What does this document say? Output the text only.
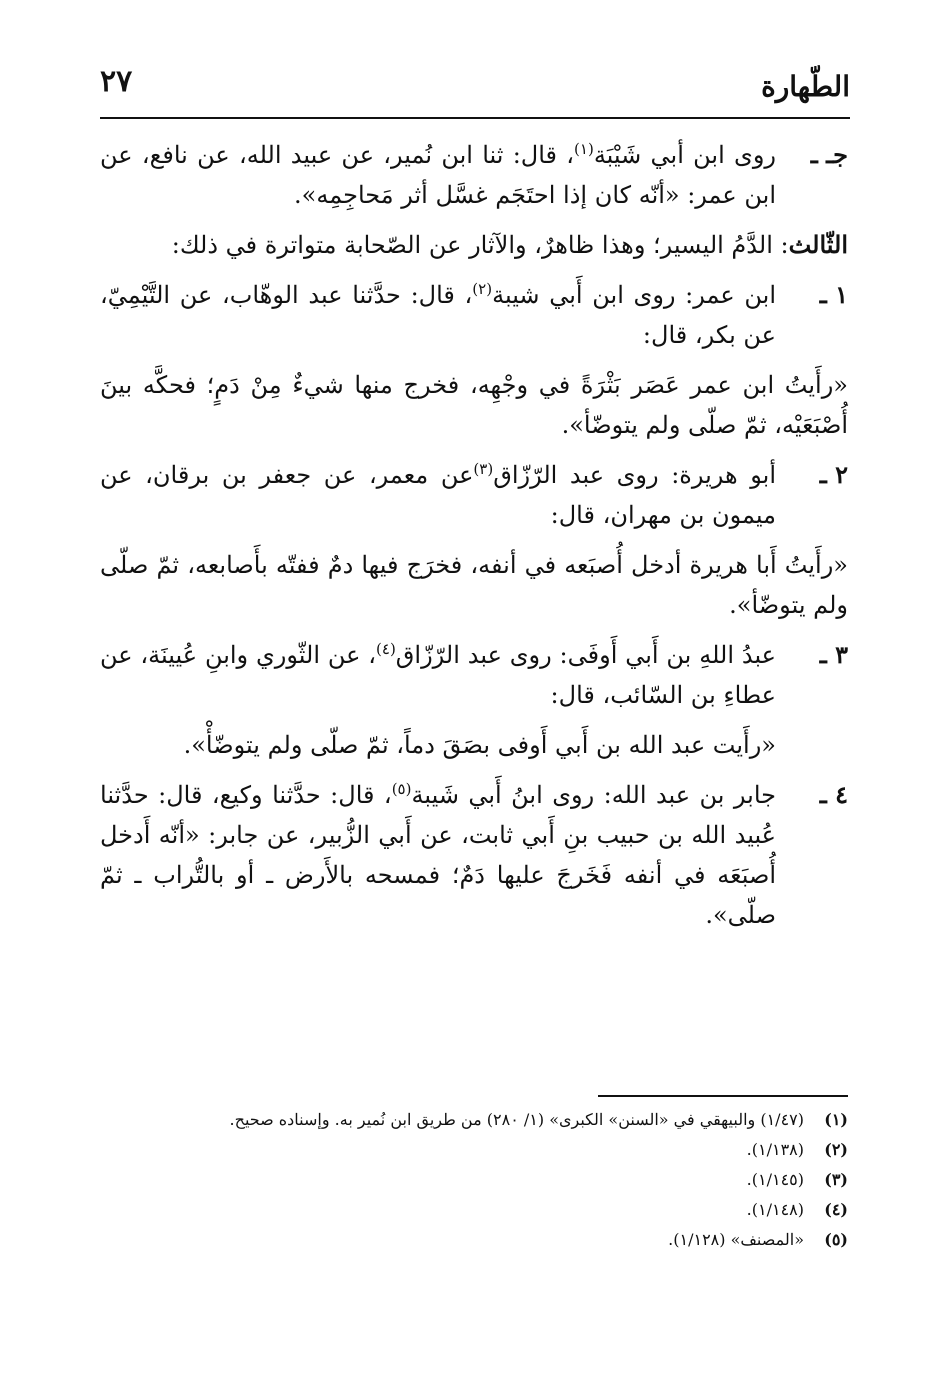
الطّهارة
٢٧
جـ ـ
روى ابن أبي شَيْبَة$^{(١)}$، قال: ثنا ابن نُمير، عن عبيد الله، عن نافع، عن ابن عمر: «أنّه كان إذا احتَجَم غسَّل أثر مَحاجِمِه».

الثّالث: الدَّمُ اليسير؛ وهذا ظاهرٌ، والآثار عن الصّحابة متواترة في ذلك:

١ ـ
ابن عمر: روى ابن أَبي شيبة$^{(٢)}$، قال: حدَّثنا عبد الوهّاب، عن التَّيْمِيّ، عن بكر، قال:

«رأَيتُ ابن عمر عَصَر بَثْرَةً في وجْهِه، فخرج منها شيءٌ مِنْ دَمٍ؛ فحكَّه بينَ أُصْبَعَيْه، ثمّ صلّى ولم يتوضّأ».

٢ ـ
أبو هريرة: روى عبد الرّزّاق$^{(٣)}$عن معمر، عن جعفر بن برقان، عن ميمون بن مهران، قال:

«رأَيتُ أَبا هريرة أدخل أُصبَعه في أنفه، فخرَج فيها دمٌ ففتّه بأَصابعه، ثمّ صلّى ولم يتوضّأ».

٣ ـ
عبدُ اللهِ بن أَبي أَوفَى: روى عبد الرّزّاق$^{(٤)}$، عن الثّوري وابنِ عُيينَة، عن عطاءِ بن السّائب، قال:

«رأَيت عبد الله بن أَبي أَوفى بصَقَ دماً، ثمّ صلّى ولم يتوضّأْ».

٤ ـ
جابر بن عبد الله: روى ابنُ أَبي شَيبة$^{(٥)}$، قال: حدَّثنا وكيع، قال: حدَّثنا عُبيد الله بن حبيب بنِ أَبي ثابت، عن أَبي الزُّبير، عن جابر: «أنّه أَدخل أُصبَعَه في أنفه فَخَرجَ عليها دَمٌ؛ فمسحه بالأَرض ـ أو بالتُّراب ـ ثمّ صلّى».
(١)
(١/٤٧) والبيهقي في «السنن» الكبرى» (١/ ٢٨٠) من طريق ابن نُمير به. وإسناده صحيح.
(٢)
(١/١٣٨).
(٣)
(١/١٤٥).
(٤)
(١/١٤٨).
(٥)
«المصنف» (١/١٢٨).
